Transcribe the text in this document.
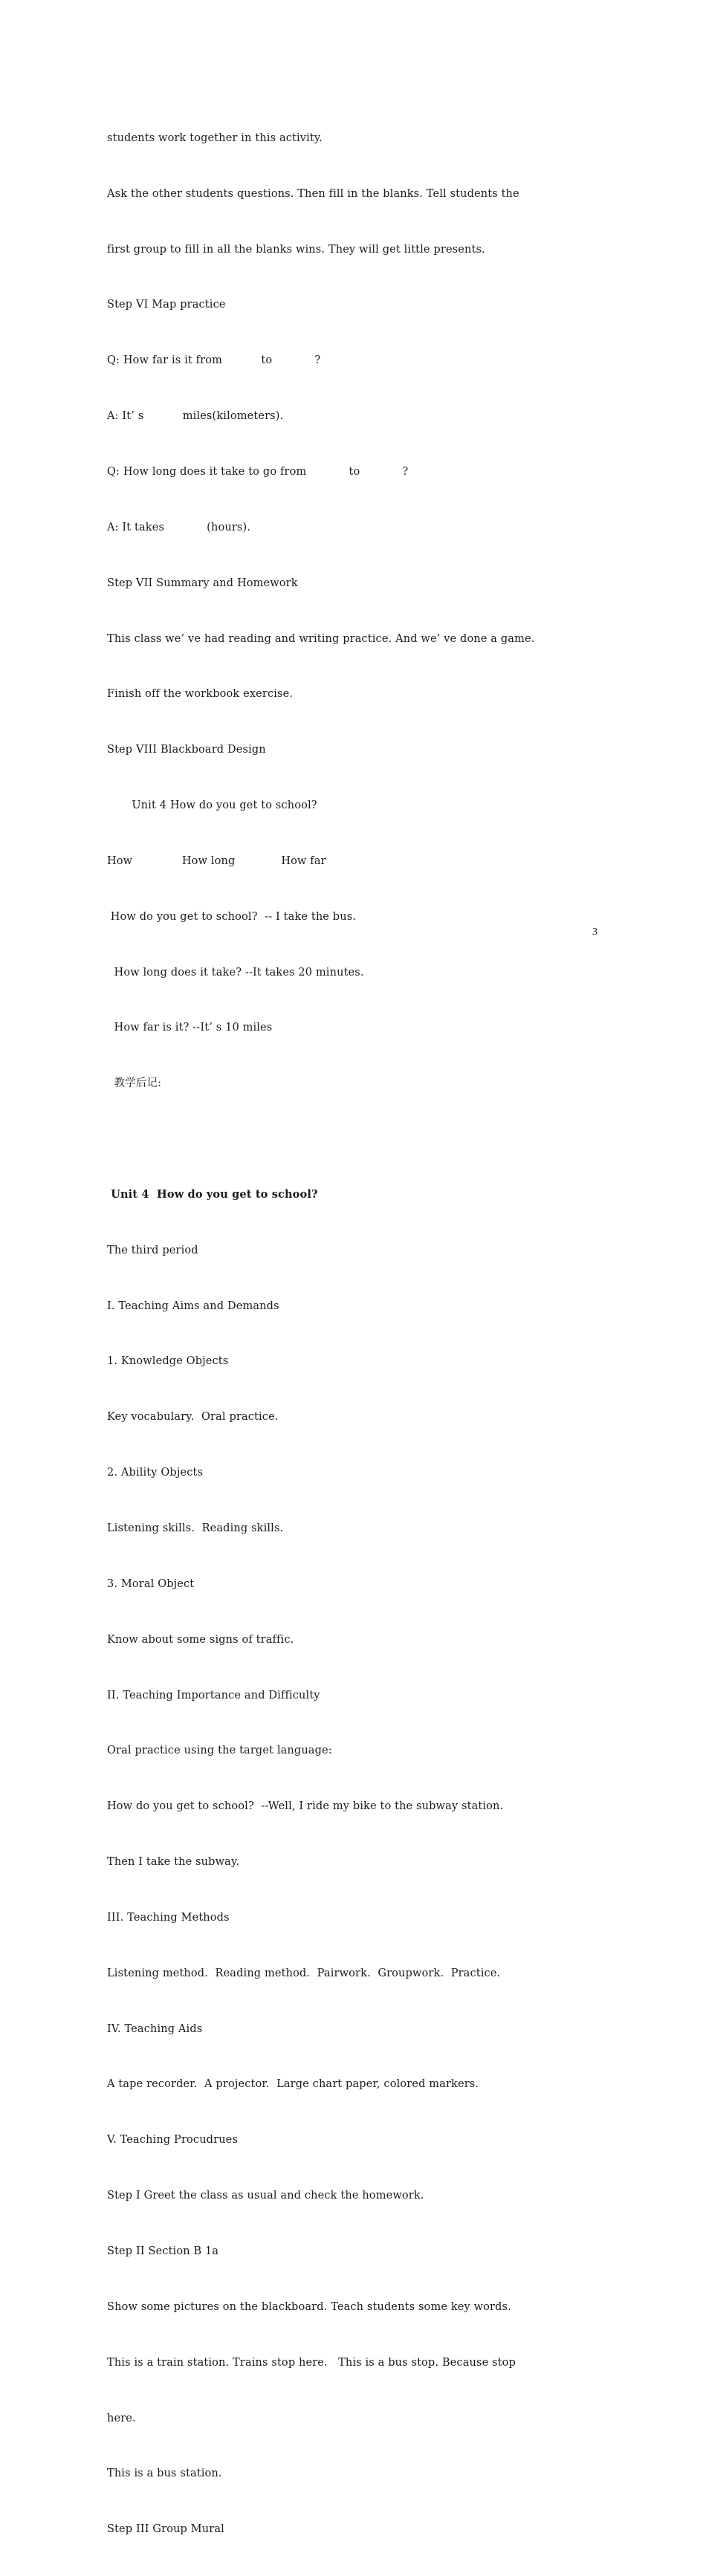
students work together in this activity.

Ask the other students questions. Then fill in the blanks. Tell students the

first group to fill in all the blanks wins. They will get little presents.

Step VI Map practice

Q: How far is it from           to            ?

A: It’ s           miles(kilometers).

Q: How long does it take to go from            to            ?

A: It takes            (hours).

Step VII Summary and Homework

This class we’ ve had reading and writing practice. And we’ ve done a game.

Finish off the workbook exercise.

Step VIII Blackboard Design

Unit 4 How do you get to school?

How              How long             How far

How do you get to school?  -- I take the bus.

How long does it take? --It takes 20 minutes.

How far is it? --It’ s 10 miles

教学后记:

Unit 4  How do you get to school?

The third period

I. Teaching Aims and Demands

1. Knowledge Objects

Key vocabulary.  Oral practice.

2. Ability Objects

Listening skills.  Reading skills.

3. Moral Object

Know about some signs of traffic.

II. Teaching Importance and Difficulty

Oral practice using the target language:

How do you get to school?  --Well, I ride my bike to the subway station.

Then I take the subway.

III. Teaching Methods

Listening method.  Reading method.  Pairwork.  Groupwork.  Practice.

IV. Teaching Aids

A tape recorder.  A projector.  Large chart paper, colored markers.

V. Teaching Procudrues

Step I Greet the class as usual and check the homework.

Step II Section B 1a

Show some pictures on the blackboard. Teach students some key words.

This is a train station. Trains stop here.   This is a bus stop. Because stop

here.

This is a bus station.

Step III Group Mural

3
